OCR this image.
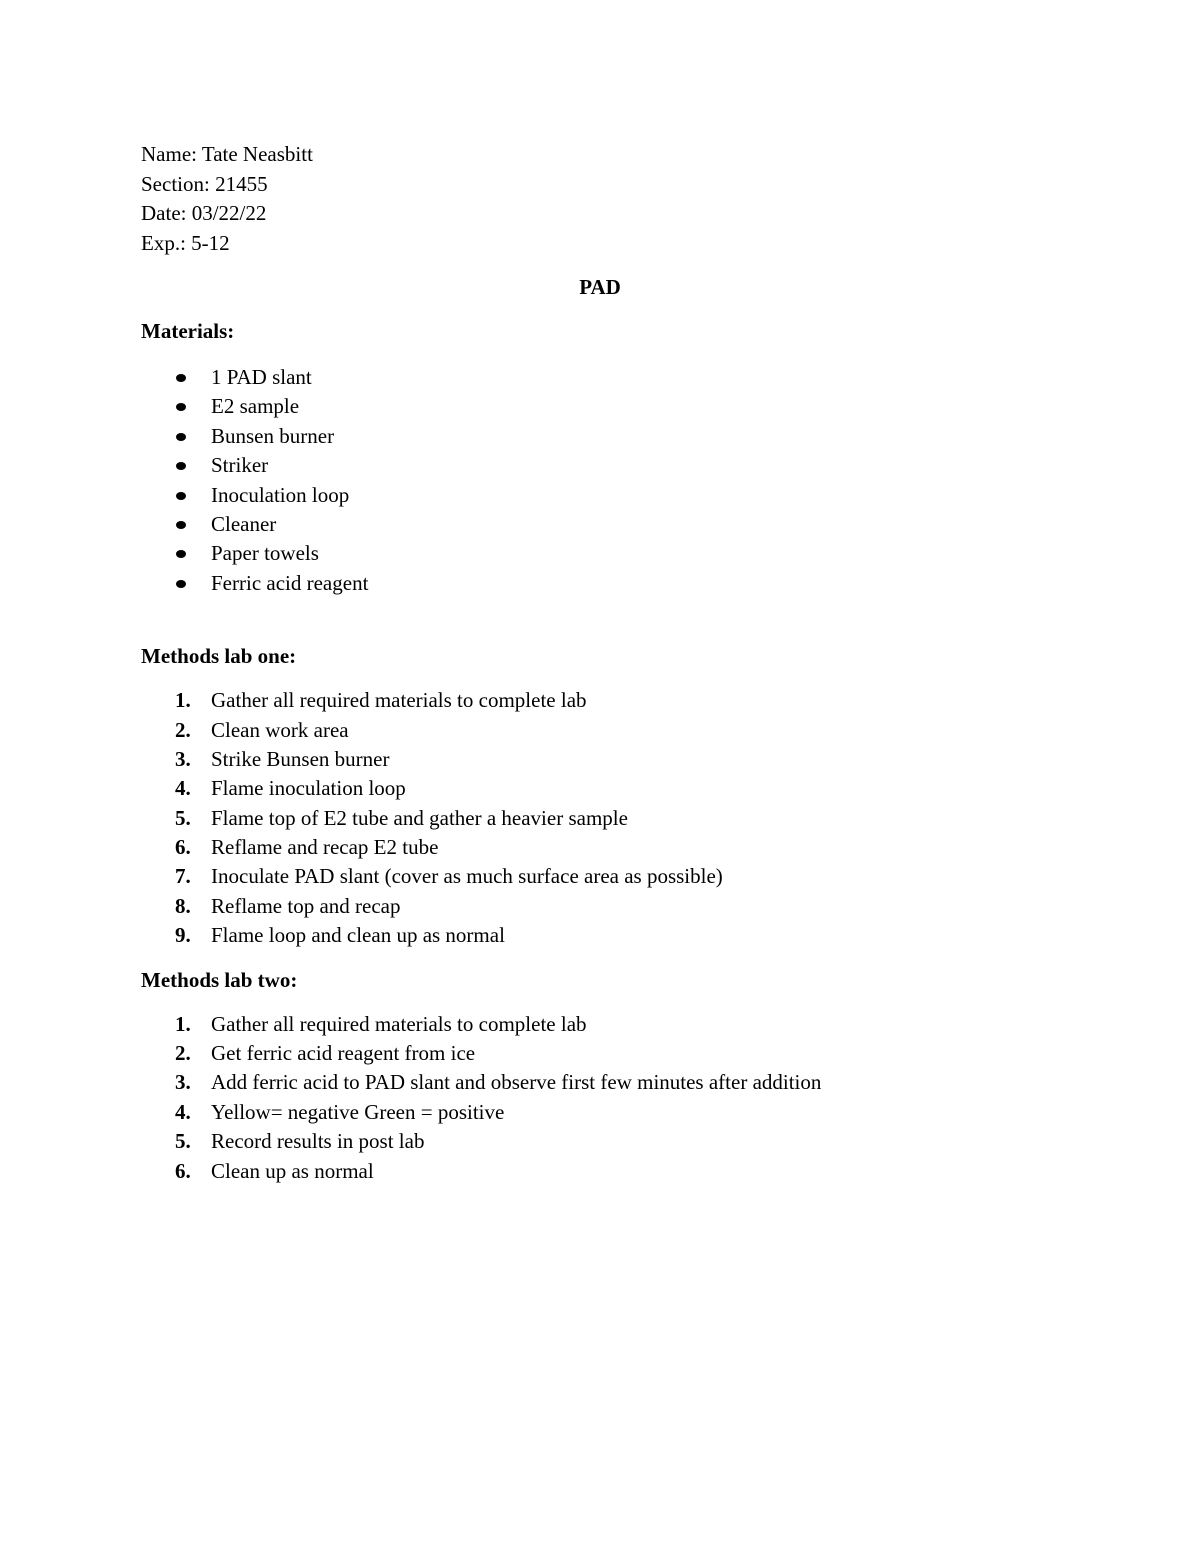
Name: Tate Neasbitt
Section: 21455
Date: 03/22/22
Exp.: 5-12
PAD
Materials:
1 PAD slant
E2 sample
Bunsen burner
Striker
Inoculation loop
Cleaner
Paper towels
Ferric acid reagent
Methods lab one:
1. Gather all required materials to complete lab
2. Clean work area
3. Strike Bunsen burner
4. Flame inoculation loop
5. Flame top of E2 tube and gather a heavier sample
6. Reflame and recap E2 tube
7. Inoculate PAD slant (cover as much surface area as possible)
8. Reflame top and recap
9. Flame loop and clean up as normal
Methods lab two:
1. Gather all required materials to complete lab
2. Get ferric acid reagent from ice
3. Add ferric acid to PAD slant and observe first few minutes after addition
4. Yellow= negative Green = positive
5. Record results in post lab
6. Clean up as normal
